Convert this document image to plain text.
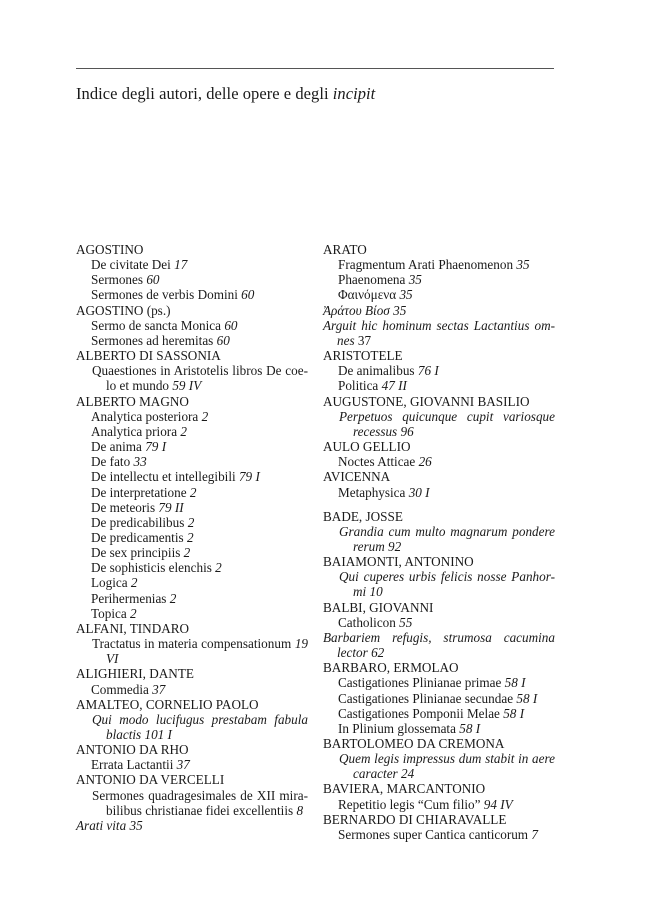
Indice degli autori, delle opere e degli incipit
AGOSTINO
De civitate Dei 17
Sermones 60
Sermones de verbis Domini 60
AGOSTINO (ps.)
Sermo de sancta Monica 60
Sermones ad heremitas 60
ALBERTO DI SASSONIA
Quaestiones in Aristotelis libros De coe-lo et mundo 59 IV
ALBERTO MAGNO
Analytica posteriora 2
Analytica priora 2
De anima 79 I
De fato 33
De intellectu et intellegibili 79 I
De interpretatione 2
De meteoris 79 II
De predicabilibus 2
De predicamentis 2
De sex principiis 2
De sophisticis elenchis 2
Logica 2
Perihermenias 2
Topica 2
ALFANI, TINDARO
Tractatus in materia compensationum 19 VI
ALIGHIERI, DANTE
Commedia 37
AMALTEO, CORNELIO PAOLO
Qui modo lucifugus prestabam fabula blactis 101 I
ANTONIO DA RHO
Errata Lactantii 37
ANTONIO DA VERCELLI
Sermones quadragesimales de XII mira-bilibus christianae fidei excellentiis 8
Arati vita 35
ARATO
Fragmentum Arati Phaenomenon 35
Phaenomena 35
Φαινόμενα 35
Ἀράτου Βίοσ 35
Arguit hic hominum sectas Lactantius om-nes 37
ARISTOTELE
De animalibus 76 I
Politica 47 II
AUGUSTONE, GIOVANNI BASILIO
Perpetuos quicunque cupit variosque recessus 96
AULO GELLIO
Noctes Atticae 26
AVICENNA
Metaphysica 30 I
BADE, JOSSE
Grandia cum multo magnarum pondere rerum 92
BAIAMONTI, ANTONINO
Qui cuperes urbis felicis nosse Panhor-mi 10
BALBI, GIOVANNI
Catholicon 55
Barbariem refugis, strumosa cacumina lector 62
BARBARO, ERMOLAO
Castigationes Plinianae primae 58 I
Castigationes Plinianae secundae 58 I
Castigationes Pomponii Melae 58 I
In Plinium glossemata 58 I
BARTOLOMEO DA CREMONA
Quem legis impressus dum stabit in aere caracter 24
BAVIERA, MARCANTONIO
Repetitio legis “Cum filio” 94 IV
BERNARDO DI CHIARAVALLE
Sermones super Cantica canticorum 7
